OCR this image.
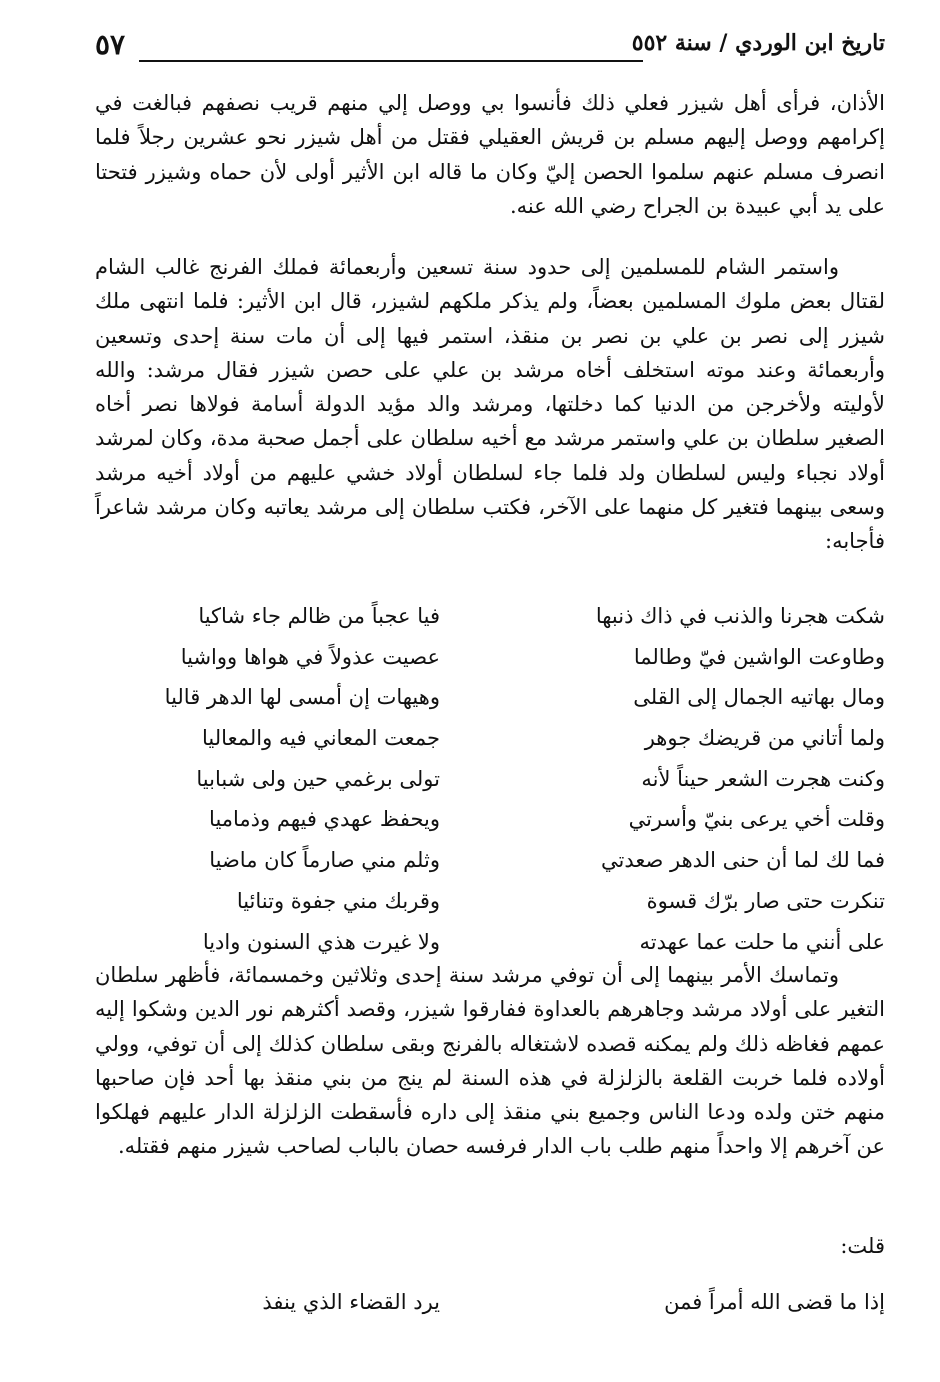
تاريخ ابن الوردي / سنة ٥٥٢
٥٧
الأذان، فرأى أهل شيزر فعلي ذلك فأنسوا بي ووصل إلي منهم قريب نصفهم فبالغت في إكرامهم ووصل إليهم مسلم بن قريش العقيلي فقتل من أهل شيزر نحو عشرين رجلاً فلما انصرف مسلم عنهم سلموا الحصن إليّ وكان ما قاله ابن الأثير أولى لأن حماه وشيزر فتحتا على يد أبي عبيدة بن الجراح رضي الله عنه.
واستمر الشام للمسلمين إلى حدود سنة تسعين وأربعمائة فملك الفرنج غالب الشام لقتال بعض ملوك المسلمين بعضاً، ولم يذكر ملكهم لشيزر، قال ابن الأثير: فلما انتهى ملك شيزر إلى نصر بن علي بن نصر بن منقذ، استمر فيها إلى أن مات سنة إحدى وتسعين وأربعمائة وعند موته استخلف أخاه مرشد بن علي على حصن شيزر فقال مرشد: والله لأوليته ولأخرجن من الدنيا كما دخلتها، ومرشد والد مؤيد الدولة أسامة فولاها نصر أخاه الصغير سلطان بن علي واستمر مرشد مع أخيه سلطان على أجمل صحبة مدة، وكان لمرشد أولاد نجباء وليس لسلطان ولد فلما جاء لسلطان أولاد خشي عليهم من أولاد أخيه مرشد وسعى بينهما فتغير كل منهما على الآخر، فكتب سلطان إلى مرشد يعاتبه وكان مرشد شاعراً فأجابه:
شكت هجرنا والذنب في ذاك ذنبها
فيا عجباً من ظالم جاء شاكيا
وطاوعت الواشين فيّ وطالما
عصيت عذولاً في هواها وواشيا
ومال بهاتيه الجمال إلى القلى
وهيهات إن أمسى لها الدهر قاليا
ولما أتاني من قريضك جوهر
جمعت المعاني فيه والمعاليا
وكنت هجرت الشعر حيناً لأنه
تولى برغمي حين ولى شبابيا
وقلت أخي يرعى بنيّ وأسرتي
ويحفظ عهدي فيهم وذماميا
فما لك لما أن حنى الدهر صعدتي
وثلم مني صارماً كان ماضيا
تنكرت حتى صار برّك قسوة
وقربك مني جفوة وتنائيا
على أنني ما حلت عما عهدته
ولا غيرت هذي السنون واديا
وتماسك الأمر بينهما إلى أن توفي مرشد سنة إحدى وثلاثين وخمسمائة، فأظهر سلطان التغير على أولاد مرشد وجاهرهم بالعداوة ففارقوا شيزر، وقصد أكثرهم نور الدين وشكوا إليه عمهم فغاظه ذلك ولم يمكنه قصده لاشتغاله بالفرنج وبقى سلطان كذلك إلى أن توفي، وولي أولاده فلما خربت القلعة بالزلزلة في هذه السنة لم ينج من بني منقذ بها أحد فإن صاحبها منهم ختن ولده ودعا الناس وجميع بني منقذ إلى داره فأسقطت الزلزلة الدار عليهم فهلكوا عن آخرهم إلا واحداً منهم طلب باب الدار فرفسه حصان بالباب لصاحب شيزر منهم فقتله.
قلت:
إذا ما قضى الله أمراً فمن
يرد القضاء الذي ينفذ
